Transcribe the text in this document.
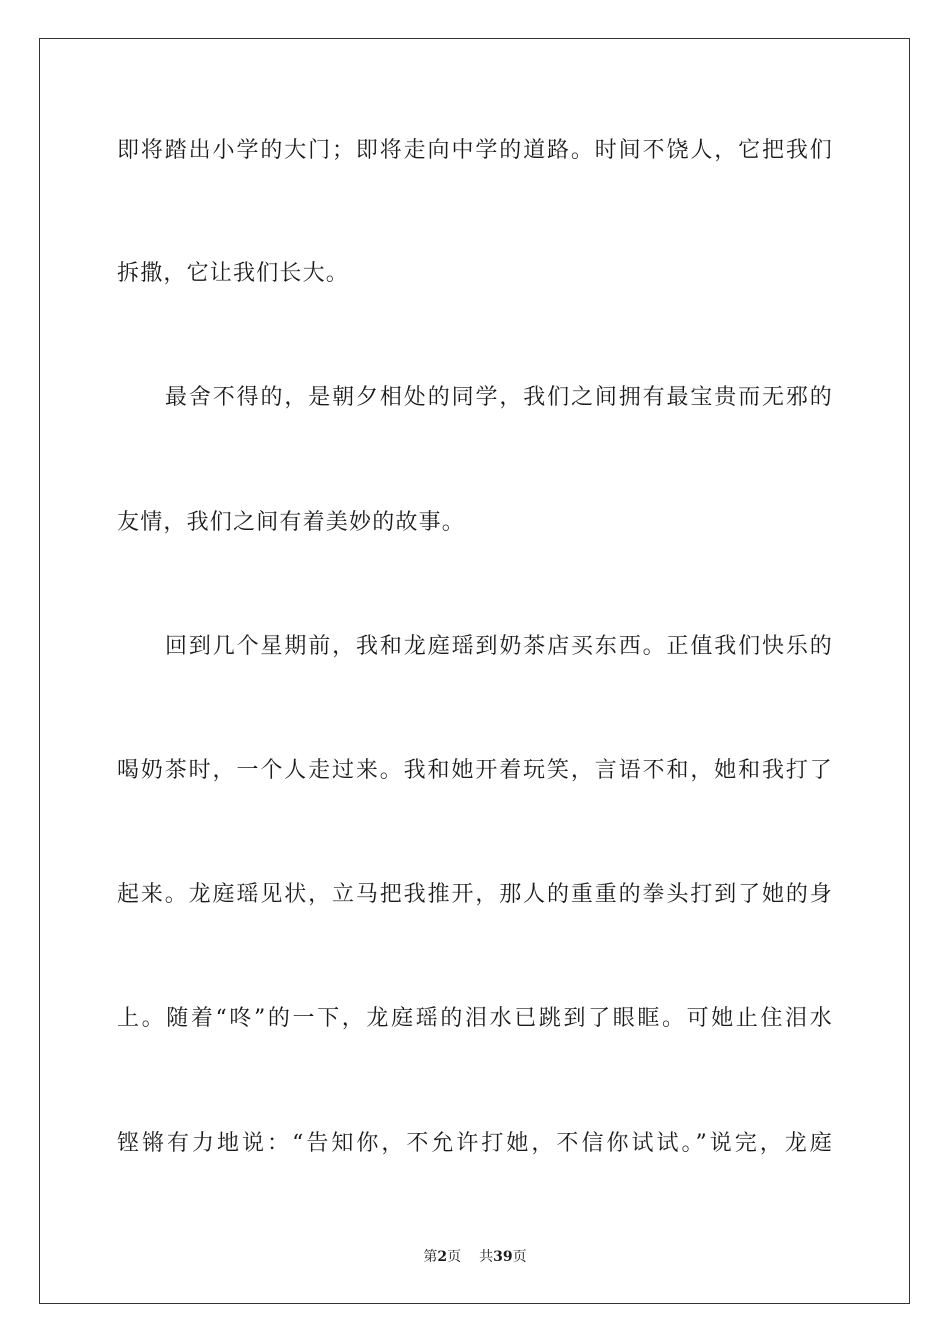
即将踏出小学的大门；即将走向中学的道路。时间不饶人，它把我们
拆撒，它让我们长大。
最舍不得的，是朝夕相处的同学，我们之间拥有最宝贵而无邪的
友情，我们之间有着美妙的故事。
回到几个星期前，我和龙庭瑶到奶茶店买东西。正值我们快乐的
喝奶茶时，一个人走过来。我和她开着玩笑，言语不和，她和我打了
起来。龙庭瑶见状，立马把我推开，那人的重重的拳头打到了她的身
上。随着“咚”的一下，龙庭瑶的泪水已跳到了眼眶。可她止住泪水
铿锵有力地说：“告知你，不允许打她，不信你试试。”说完，龙庭
第2页 共39页
